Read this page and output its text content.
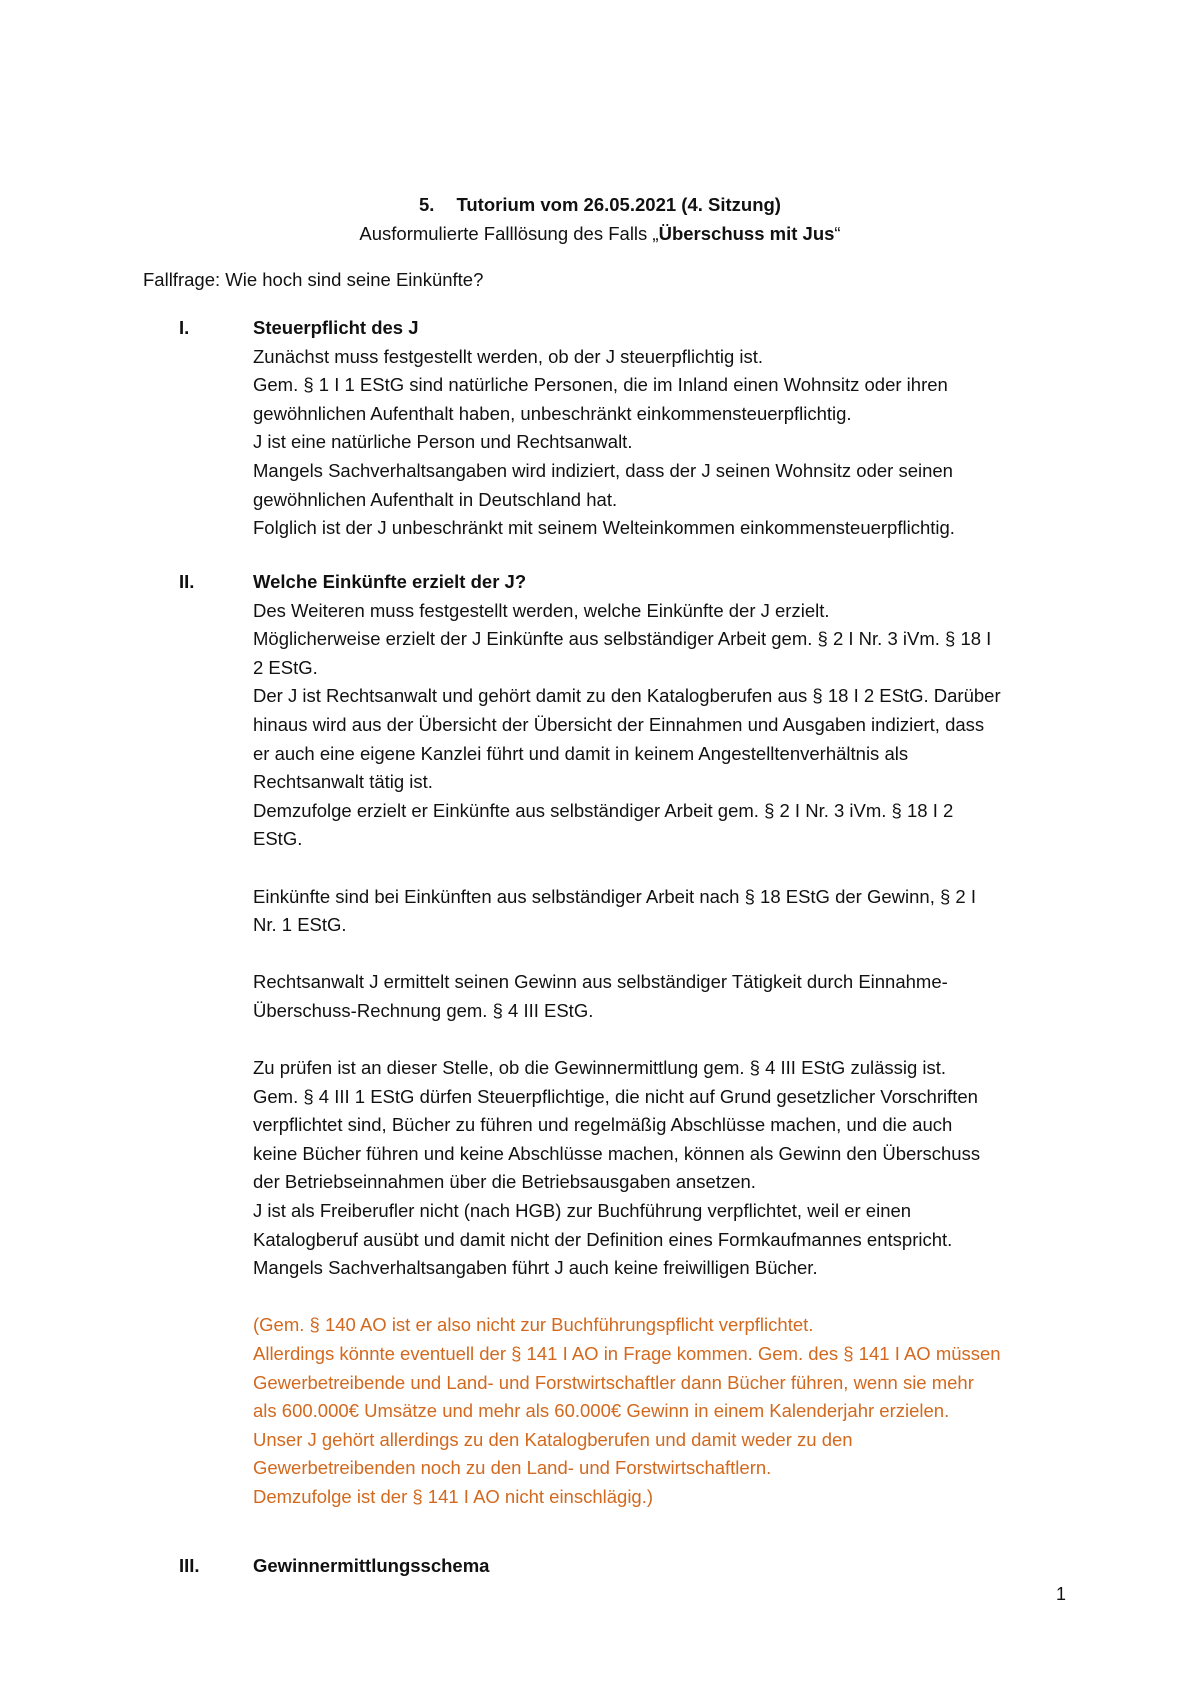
5. Tutorium vom 26.05.2021 (4. Sitzung)
Ausformulierte Falllösung des Falls „Überschuss mit Jus“
Fallfrage: Wie hoch sind seine Einkünfte?
I.	Steuerpflicht des J

Zunächst muss festgestellt werden, ob der J steuerpflichtig ist.

Gem. § 1 I 1 EStG sind natürliche Personen, die im Inland einen Wohnsitz oder ihren

gewöhnlichen Aufenthalt haben, unbeschränkt einkommensteuerpflichtig.

J ist eine natürliche Person und Rechtsanwalt.

Mangels Sachverhaltsangaben wird indiziert, dass der J seinen Wohnsitz oder seinen

gewöhnlichen Aufenthalt in Deutschland hat.

Folglich ist der J unbeschränkt mit seinem Welteinkommen einkommensteuerpflichtig.

II.	Welche Einkünfte erzielt der J?

Des Weiteren muss festgestellt werden, welche Einkünfte der J erzielt.

Möglicherweise erzielt der J Einkünfte aus selbständiger Arbeit gem. § 2 I Nr. 3 iVm. § 18 I

2 EStG.

Der J ist Rechtsanwalt und gehört damit zu den Katalogberufen aus § 18 I 2 EStG. Darüber

hinaus wird aus der Übersicht der Übersicht der Einnahmen und Ausgaben indiziert, dass

er auch eine eigene Kanzlei führt und damit in keinem Angestelltenverhältnis als

Rechtsanwalt tätig ist.

Demzufolge erzielt er Einkünfte aus selbständiger Arbeit gem. § 2 I Nr. 3 iVm. § 18 I 2

EStG.

Einkünfte sind bei Einkünften aus selbständiger Arbeit nach § 18 EStG der Gewinn, § 2 I

Nr. 1 EStG.

Rechtsanwalt J ermittelt seinen Gewinn aus selbständiger Tätigkeit durch Einnahme-

Überschuss-Rechnung gem. § 4 III EStG.

Zu prüfen ist an dieser Stelle, ob die Gewinnermittlung gem. § 4 III EStG zulässig ist.

Gem. § 4 III 1 EStG dürfen Steuerpflichtige, die nicht auf Grund gesetzlicher Vorschriften

verpflichtet sind, Bücher zu führen und regelmäßig Abschlüsse machen, und die auch

keine Bücher führen und keine Abschlüsse machen, können als Gewinn den Überschuss

der Betriebseinnahmen über die Betriebsausgaben ansetzen.

J ist als Freiberufler nicht (nach HGB) zur Buchführung verpflichtet, weil er einen

Katalogberuf ausübt und damit nicht der Definition eines Formkaufmannes entspricht.

Mangels Sachverhaltsangaben führt J auch keine freiwilligen Bücher.

(Gem. § 140 AO ist er also nicht zur Buchführungspflicht verpflichtet.

Allerdings könnte eventuell der § 141 I AO in Frage kommen. Gem. des § 141 I AO müssen

Gewerbetreibende und Land- und Forstwirtschaftler dann Bücher führen, wenn sie mehr

als 600.000€ Umsätze und mehr als 60.000€ Gewinn in einem Kalenderjahr erzielen.

Unser J gehört allerdings zu den Katalogberufen und damit weder zu den

Gewerbetreibenden noch zu den Land- und Forstwirtschaftlern.

Demzufolge ist der § 141 I AO nicht einschlägig.)

III.	Gewinnermittlungsschema

1
